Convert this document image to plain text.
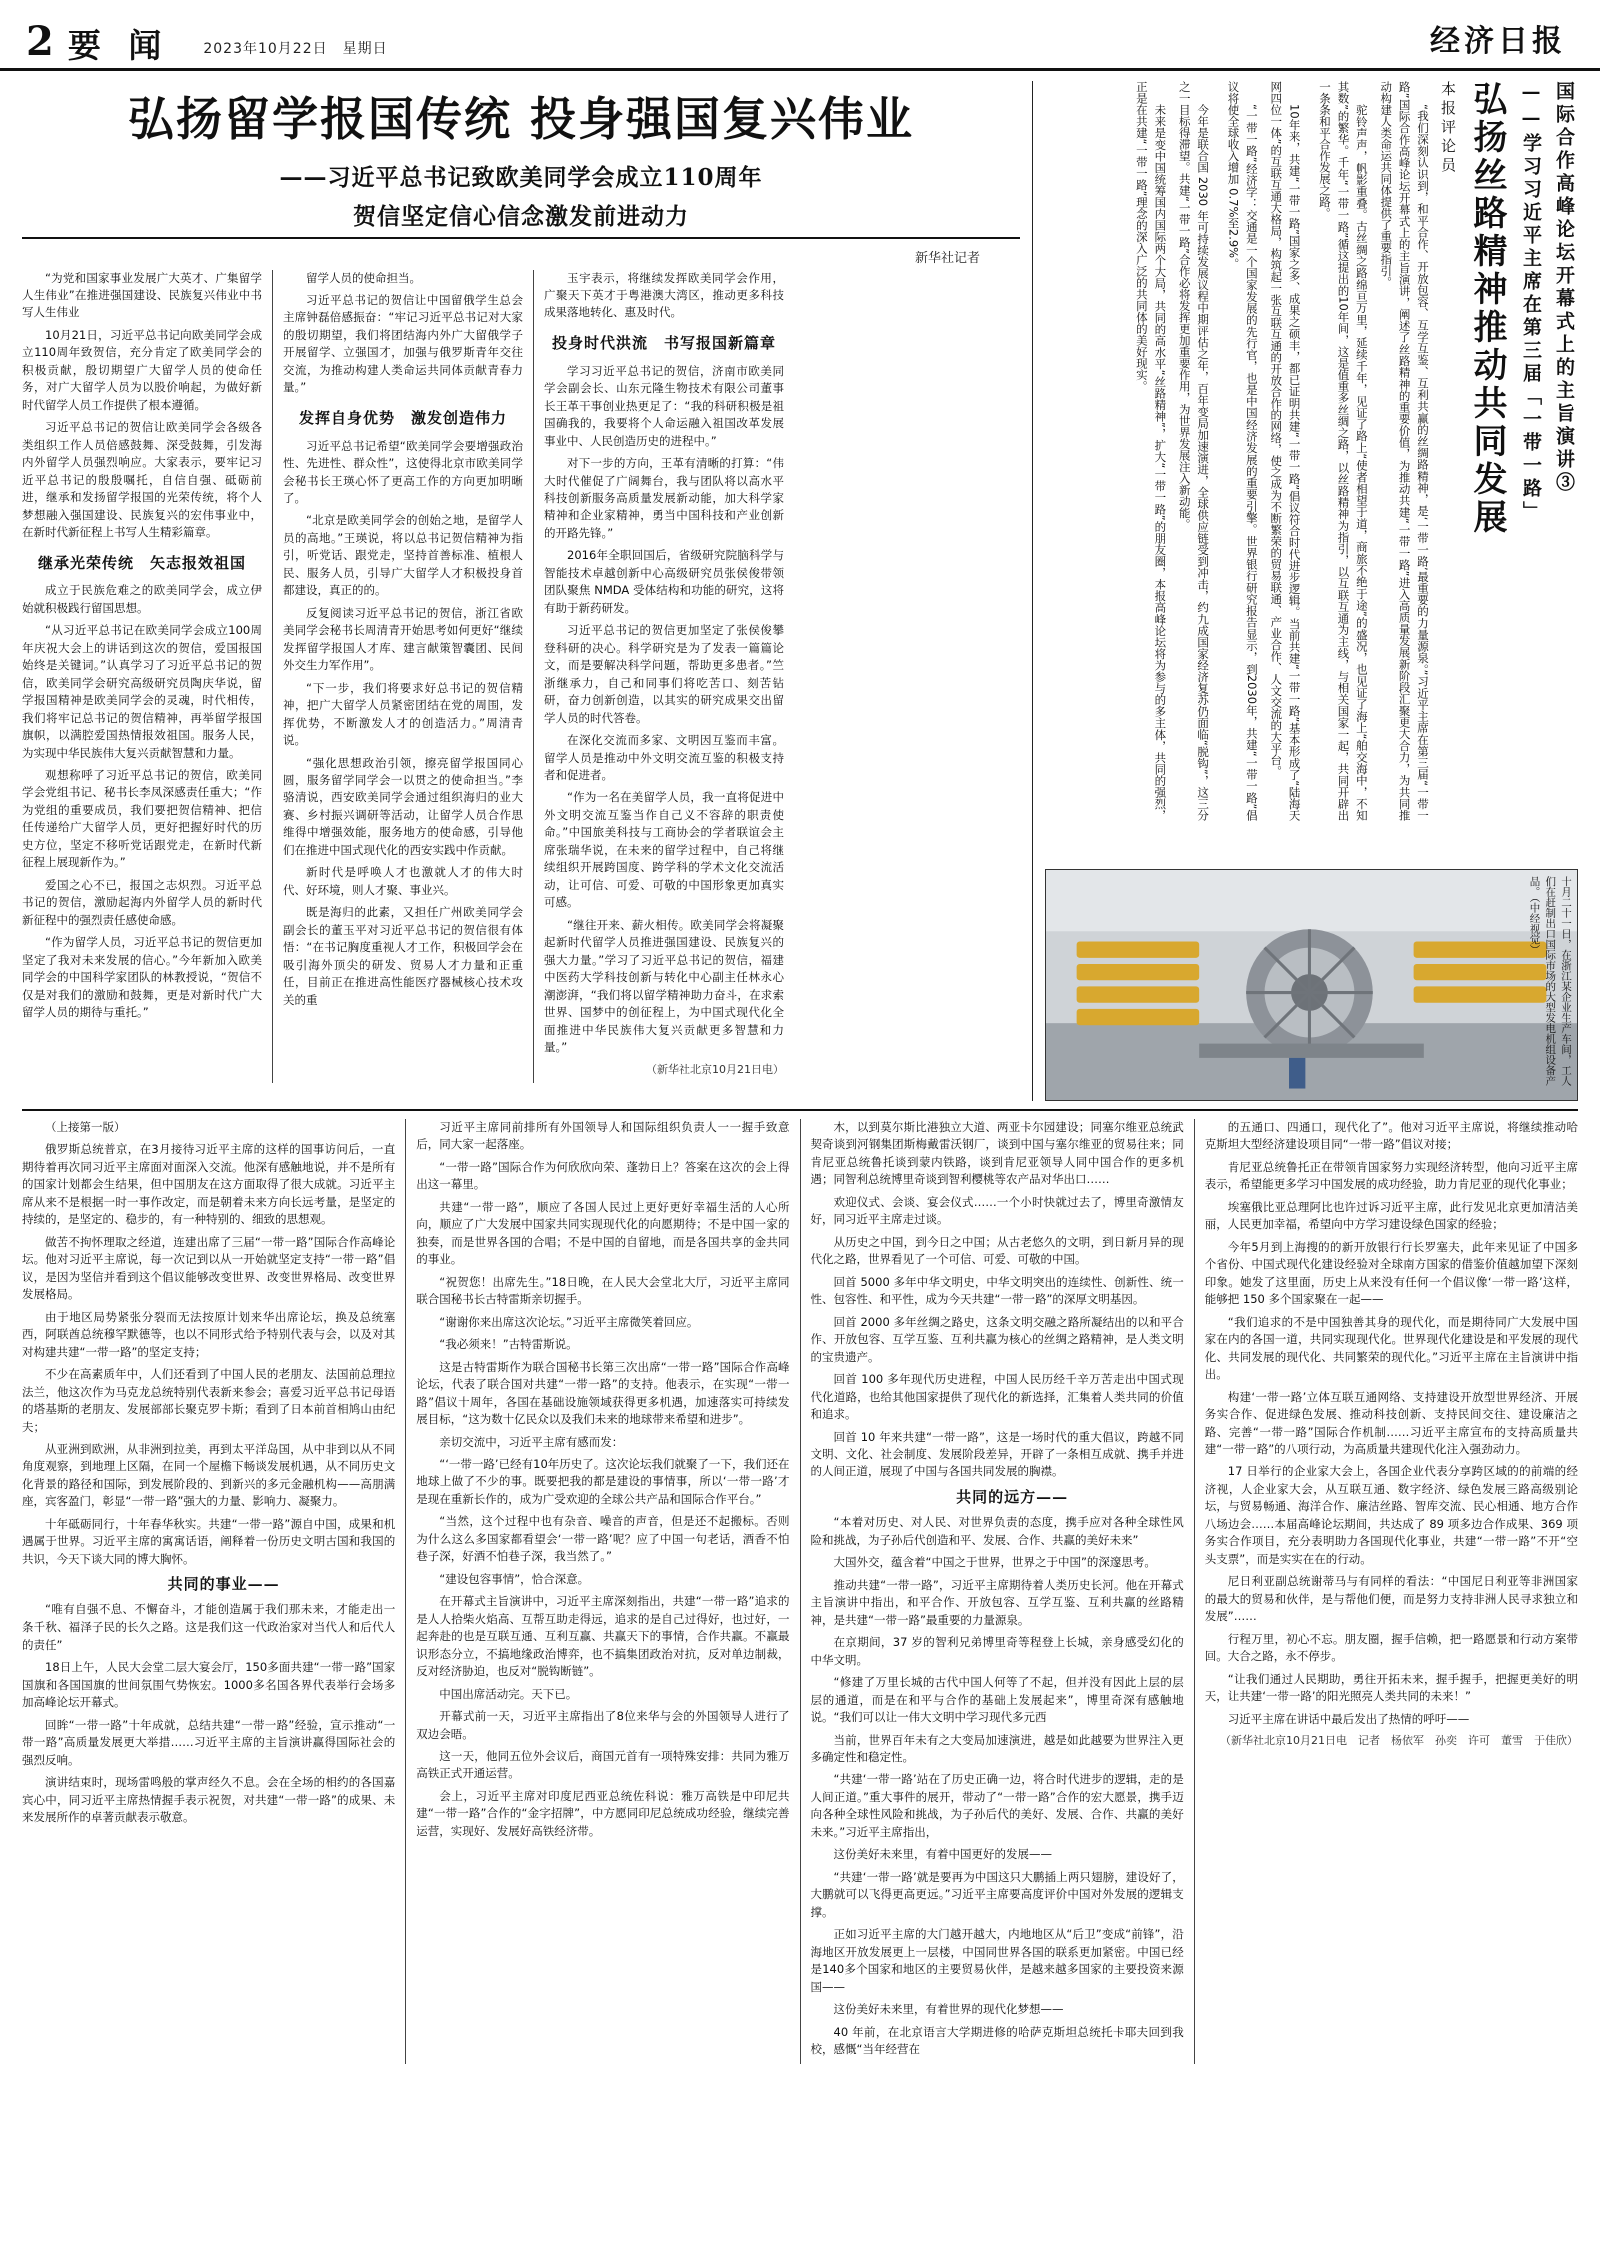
2 要 闻 2023年10月22日　星期日	经济日报
弘扬留学报国传统 投身强国复兴伟业
——习近平总书记致欧美同学会成立110周年
贺信坚定信心信念激发前进动力
新华社记者

“为党和国家事业发展广大英才、广集留学人生伟业”在推进强国建设、民族复兴伟业中书写人生伟业

10月21日，习近平总书记向欧美同学会成立110周年致贺信，充分肯定了欧美同学会的积极贡献，殷切期望广大留学人员的使命任务，对广大留学人员为以股价响起，为做好新时代留学人员工作提供了根本遵循。

习近平总书记的贺信让欧美同学会各级各类组织工作人员倍感鼓舞、深受鼓舞，引发海内外留学人员强烈响应。大家表示，要牢记习近平总书记的殷殷嘱托，自信自强、砥砺前进，继承和发扬留学报国的光荣传统，将个人梦想融入强国建设、民族复兴的宏伟事业中，在新时代新征程上书写人生精彩篇章。

继承光荣传统　矢志报效祖国

成立于民族危难之的欧美同学会，成立伊始就积极践行留国思想。

“从习近平总书记在欧美同学会成立100周年庆祝大会上的讲话到这次的贺信，爱国报国始终是关键词。”认真学习了习近平总书记的贺信，欧美同学会研究高级研究员陶庆华说，留学报国精神是欧美同学会的灵魂，时代相传，我们将牢记总书记的贺信精神，再举留学报国旗帜，以满腔爱国热情报效祖国。服务人民，为实现中华民族伟大复兴贡献智慧和力量。

观想称呼了习近平总书记的贺信，欧美同学会党组书记、秘书长李凤深感责任重大；“作为党组的重要成员，我们要把贺信精神、把信任传递给广大留学人员，更好把握好时代的历史方位，坚定不移听党话跟党走，在新时代新征程上展现新作为。”

爱国之心不已，报国之志炽烈。习近平总书记的贺信，激励起海内外留学人员的新时代新征程中的强烈责任感使命感。

“作为留学人员，习近平总书记的贺信更加坚定了我对未来发展的信心。”今年新加入欧美同学会的中国科学家团队的林教授说，“贺信不仅是对我们的激励和鼓舞，更是对新时代广大留学人员的期待与重托。”

留学人员的使命担当。

习近平总书记的贺信让中国留俄学生总会主席钟磊倍感振奋：“牢记习近平总书记对大家的殷切期望，我们将团结海内外广大留俄学子开展留学、立强国才，加强与俄罗斯青年交往交流，为推动构建人类命运共同体贡献青春力量。”

发挥自身优势　激发创造伟力

习近平总书记希望“欧美同学会要增强政治性、先进性、群众性”，这使得北京市欧美同学会秘书长王瑛心怀了更高工作的方向更加明晰了。

“北京是欧美同学会的创始之地，是留学人员的高地。”王瑛说，将以总书记贺信精神为指引，听党话、跟党走，坚持首善标准、植根人民、服务人员，引导广大留学人才积极投身首都建设，真正的的。

反复阅读习近平总书记的贺信，浙江省欧美同学会秘书长周清青开始思考如何更好“继续发挥留学报国人才库、建言献策智囊团、民间外交生力军作用”。

“下一步，我们将要求好总书记的贺信精神，把广大留学人员紧密团结在党的周围，发挥优势，不断激发人才的创造活力。”周清青说。

“强化思想政治引领，擦亮留学报国同心圆，服务留学同学会一以贯之的使命担当。”李骆清说，西安欧美同学会通过组织海归的业大赛、乡村振兴调研等活动，让留学人员合作思维得中增强效能，服务地方的使命感，引导他们在推进中国式现代化的西安实践中作贡献。

新时代是呼唤人才也激就人才的伟大时代、好环境，则人才聚、事业兴。

既是海归的此素，又担任广州欧美同学会副会长的董玉平对习近平总书记的贺信很有体悟：“在书记胸度重视人才工作，积极回学会在吸引海外顶尖的研发、贸易人才力量和正重任，目前正在推进高性能医疗器械核心技术攻关的重

玉宇表示，将继续发挥欧美同学会作用，广聚天下英才于粤港澳大湾区，推动更多科技成果落地转化、惠及时代。

投身时代洪流　书写报国新篇章

学习习近平总书记的贺信，济南市欧美同学会副会长、山东元隆生物技术有限公司董事长王革干事创业热更足了：“我的科研积极是祖国确我的，我要将个人命运融入祖国改革发展事业中、人民创造历史的进程中。”

对下一步的方向，王革有清晰的打算：“伟大时代催促了广阔舞台，我与团队将以高水平科技创新服务高质量发展新动能，加大科学家精神和企业家精神，勇当中国科技和产业创新的开路先锋。”

2016年全职回国后，省级研究院脑科学与智能技术卓越创新中心高级研究员张侯俊带领团队聚焦 NMDA 受体结构和功能的研究，这将有助于新药研发。

习近平总书记的贺信更加坚定了张侯俊攀登科研的决心。科学研究是为了发表一篇篇论文，而是要解决科学问题，帮助更多患者。”竺浙继承力，自己和同事们将吃苦口、刻苦钻研，奋力创新创造，以其实的研究成果交出留学人员的时代答卷。

在深化交流而多家、文明因互鉴而丰富。留学人员是推动中外文明交流互鉴的积极支持者和促进者。

“作为一名在美留学人员，我一直将促进中外文明交流互鉴当作自己义不容辞的职责使命。”中国旅美科技与工商协会的学者联谊会主席张瑞华说，在未来的留学过程中，自己将继续组织开展跨国度、跨学科的学术文化交流活动，让可信、可爱、可敬的中国形象更加真实可感。

“继往开来、薪火相传。欧美同学会将凝聚起新时代留学人员推进强国建设、民族复兴的强大力量。”学习了习近平总书记的贺信，福建中医药大学科技创新与转化中心副主任林永心潮澎湃，“我们将以留学精神助力奋斗，在求索世界、国梦中的创征程上，为中国式现代化全面推进中华民族伟大复兴贡献更多智慧和力量。”

（新华社北京10月21日电）

国际合作高峰论坛开幕式上的主旨演讲③
——学习习近平主席在第三届「一带一路」
弘扬丝路精神推动共同发展
本报评论员

“我们深刻认识到，和平合作、开放包容、互学互鉴、互利共赢的丝绸路精神，是‘一带一路’最重要的力量源泉。”习近平主席在第三届“一带一路”国际合作高峰论坛开幕式上的主旨演讲，阐述了丝路精神的重要价值，为推动共建“一带一路”进入高质量发展新阶段汇聚更大合力，为共同推动构建人类命运共同体提供了重要指引。

驼铃声声，帆影重叠。古丝绸之路绵亘万里，延续千年，见证了路上“使者相望于道，商旅不绝于途”的盛况，也见证了海上“舶交海中，不知其数”的繁华。千年“一带一路”循这提出的10年间，这是值重多丝绸之路，以丝路精神为指引，以互联互通为主线，与相关国家一起，共同开辟出一条条和平合作发展之路。

10年来，共建“一带一路”国家之多、成果之硕丰，都已证明共建“一带一路”倡议符合时代进步逻辑。当前共建“一带一路”基本形成了“陆海天网四位一体”的互联互通大格局，构筑起一张互联互通的开放合作的网络，使之成为不断繁荣的贸易联通、产业合作、人文交流的大平台。

“一带一路”经济学：交通是一个国家发展的先行官，也是中国经济发展的重要引擎。世界银行研究报告显示，到2030年，共建“一带一路”倡议将使全球收入增加 0.7%至2.9%。

今年是联合国 2030 年可持续发展议程中期评估之年，百年变局加速演进，全球供应链受到冲击，约九成国家经济复苏仍面临“脱钩”，这三分之一目标得滞望。共建“一带一路”合作必将发挥更加重要作用，为世界发展注入新动能。

未来是变中国统筹国内国际两个大局，共同的高水平“丝路精神”，扩大“一带一路”的朋友圈，本报高峰论坛将为参与的多主体，共同的强烈，正是在共建“一带一路”理念的深入广泛的共同体的美好现实。

十月二十一日，在浙江某企业生产车间，工人们在赶制出口国际市场的大型发电机组设备产品。（中经视觉）

（上接第一版）

俄罗斯总统普京，在3月接待习近平主席的这样的国事访问后，一直期待着再次同习近平主席面对面深入交流。他深有感触地说，并不是所有的国家计划都会生结果，但中国朋友在这方面取得了很大成就。习近平主席从来不是根据一时一事作改定，而是朝着未来方向长远考量，是坚定的持续的，是坚定的、稳步的，有一种特别的、细致的思想观。

做苦不拘怀理取之经道，连建出席了三届“一带一路”国际合作高峰论坛。他对习近平主席说，每一次记到以从一开始就坚定支持“一带一路”倡议，是因为坚信并看到这个倡议能够改变世界、改变世界格局、改变世界发展格局。

由于地区局势紧张分裂而无法按原计划来华出席论坛，换及总统塞西，阿联酋总统穆罕默德等，也以不同形式给予特别代表与会，以及对其对构建共建“一带一路”的坚定支持；

不少在高素质年中，人们还看到了中国人民的老朋友、法国前总理拉法兰，他这次作为马克龙总统特别代表新来参会；喜爱习近平总书记母语的塔基斯的老朋友、发展部部长聚克罗卡斯；看到了日本前首相鸠山由纪夫；

从亚洲到欧洲，从非洲到拉美，再到太平洋岛国，从中非到以从不同角度观察，到地理上区隔，在同一个屋檐下畅谈发展机遇，从不同历史文化背景的路径和国际，到发展阶段的、到新兴的多元金融机构——高朋满座，宾客盈门，彰显“一带一路”强大的力量、影响力、凝聚力。

十年砥砺同行，十年春华秋实。共建“一带一路”源自中国，成果和机遇属于世界。习近平主席的寓寓话语，阐释着一份历史文明古国和我国的共识，今天下谈大同的博大胸怀。

共同的事业——

“唯有自强不息、不懈奋斗，才能创造属于我们那未来，才能走出一条千秋、福泽子民的长久之路。这是我们这一代政治家对当代人和后代人的责任”

18日上午，人民大会堂二层大宴会厅，150多面共建“一带一路”国家国旗和各国国旗的世间氛围气势恢宏。1000多名国各界代表举行会场多加高峰论坛开幕式。

回眸“一带一路”十年成就，总结共建“一带一路”经验，宣示推动“一带一路”高质量发展更大举措……习近平主席的主旨演讲赢得国际社会的强烈反响。

演讲结束时，现场雷鸣般的掌声经久不息。会在全场的相约的各国嘉宾心中，同习近平主席热情握手表示祝贺，对共建“一带一路”的成果、未来发展所作的卓著贡献表示敬意。

习近平主席同前排所有外国领导人和国际组织负责人一一握手致意后，同大家一起落座。

“一带一路”国际合作为何欣欣向荣、蓬勃日上？答案在这次的会上得出这一幕里。

共建“一带一路”，顺应了各国人民过上更好更好幸福生活的人心所向，顺应了广大发展中国家共同实现现代化的向愿期待；不是中国一家的独奏，而是世界各国的合唱；不是中国的自留地，而是各国共享的金共同的事业。

“祝贺您！出席先生。”18日晚，在人民大会堂北大厅，习近平主席同联合国秘书长古特雷斯亲切握手。

“谢谢你来出席这次论坛。”习近平主席微笑着回应。

“我必须来！”古特雷斯说。

这是古特雷斯作为联合国秘书长第三次出席“一带一路”国际合作高峰论坛，代表了联合国对共建“一带一路”的支持。他表示，在实现“一带一路”倡议十周年，各国在基础设施领域获得更多机遇，加速落实可持续发展目标，“这为数十亿民众以及我们未来的地球带来希望和进步”。

亲切交流中，习近平主席有感而发：

“‘一带一路’已经有10年历史了。这次论坛我们就聚了一下，我们还在地球上做了不少的事。既要把我的都是建设的事情事，所以‘一带一路’才是现在重新长作的，成为广受欢迎的全球公共产品和国际合作平台。”

“当然，这个过程中也有杂音、噪音的声音，但是还不起搬标。否则为什么这么多国家都看望会‘一带一路’呢？应了中国一句老话，酒香不怕巷子深，好酒不怕巷子深，我当然了。”

“建设包容事情”，恰合深意。

在开幕式主旨演讲中，习近平主席深刻指出，共建“一带一路”追求的是人人拾柴火焰高、互帮互助走得远，追求的是自己过得好，也过好，一起奔赴的也是互联互通、互利互赢、共赢天下的事情，合作共赢。不赢最识形态分立，不搞地缘政治博弈，也不搞集团政治对抗，反对单边制裁，反对经济胁迫，也反对“脱钩断链”。

中国出席活动完。天下已。

开幕式前一天，习近平主席指出了8位来华与会的外国领导人进行了双边会晤。

这一天，他同五位外会议后，商国元首有一项特殊安排：共同为雅万高铁正式开通运营。

会上，习近平主席对印度尼西亚总统佐科说：雅万高铁是中印尼共建“一带一路”合作的“金字招牌”，中方愿同印尼总统成功经验，继续完善运营，实现好、发展好高铁经济带。

木，以到莫尔斯比港独立大道、两亚卡尔园建设；同塞尔维亚总统武契奇谈到河钢集团斯梅戴雷沃钢厂，谈到中国与塞尔维亚的贸易往来；同肯尼亚总统鲁托谈到蒙内铁路，谈到肯尼亚领导人同中国合作的更多机遇；同智利总统博里奇谈到智利樱桃等农产品对华出口……

欢迎仪式、会谈、宴会仪式……一个小时快就过去了，博里奇激情友好，同习近平主席走过谈。

从历史之中国，到今日之中国；从古老悠久的文明，到日新月异的现代化之路，世界看见了一个可信、可爱、可敬的中国。

回首 5000 多年中华文明史，中华文明突出的连续性、创新性、统一性、包容性、和平性，成为今天共建“一带一路”的深厚文明基因。

回首 2000 多年丝绸之路史，这条文明交融之路所凝结出的以和平合作、开放包容、互学互鉴、互利共赢为核心的丝绸之路精神，是人类文明的宝贵遗产。

回首 100 多年现代历史进程，中国人民历经千辛万苦走出中国式现代化道路，也给其他国家提供了现代化的新选择，汇集着人类共同的价值和追求。

回首 10 年来共建“一带一路”，这是一场时代的重大倡议，跨越不同文明、文化、社会制度、发展阶段差异，开辟了一条相互成就、携手并进的人间正道，展现了中国与各国共同发展的胸襟。

共同的远方——

“本着对历史、对人民、对世界负责的态度，携手应对各种全球性风险和挑战，为子孙后代创造和平、发展、合作、共赢的美好未来”

大国外交，蕴含着“中国之于世界，世界之于中国”的深邃思考。

推动共建“一带一路”，习近平主席期待着人类历史长河。他在开幕式主旨演讲中指出，和平合作、开放包容、互学互鉴、互利共赢的丝路精神，是共建“一带一路”最重要的力量源泉。

在京期间，37 岁的智利兄弟博里奇等程登上长城，亲身感受幻化的中华文明。

“修建了万里长城的古代中国人何等了不起，但并没有因此上层的层层的通道，而是在和平与合作的基础上发展起来”，博里奇深有感触地说。“我们可以让一伟大文明中学习现代多元西

当前，世界百年未有之大变局加速演进，越是如此越要为世界注入更多确定性和稳定性。

“共建‘一带一路’站在了历史正确一边，将合时代进步的逻辑，走的是人间正道。”重大事件的展开，带动了“一带一路”合作的宏大愿景，携手迈向各种全球性风险和挑战，为子孙后代的美好、发展、合作、共赢的美好未来。”习近平主席指出，

这份美好未来里，有着中国更好的发展——

“共建‘一带一路’就是要再为中国这只大鹏插上两只翅膀，建设好了，大鹏就可以飞得更高更远。”习近平主席要高度评价中国对外发展的逻辑支撑。

正如习近平主席的大门越开越大，内地地区从“后卫”变成“前锋”，沿海地区开放发展更上一层楼，中国同世界各国的联系更加紧密。中国已经是140多个国家和地区的主要贸易伙伴，是越来越多国家的主要投资来源国——

这份美好未来里，有着世界的现代化梦想——

40 年前，在北京语言大学期进修的哈萨克斯坦总统托卡耶夫回到我校，感慨“当年经营在

的五通口、四通口，现代化了”。他对习近平主席说，将继续推动哈克斯坦大型经济建设项目同“一带一路”倡议对接；

肯尼亚总统鲁托正在带领肯国家努力实现经济转型，他向习近平主席表示，希望能更多学习中国发展的成功经验，助力肯尼亚的现代化事业；

埃塞俄比亚总理阿比也许过诉习近平主席，此行发见北京更加清洁美丽，人民更加幸福，希望向中方学习建设绿色国家的经验；

今年5月到上海搜的的新开放银行行长罗塞夫，此年来见证了中国多个省份、中国式现代化建设经验对全球南方国家的借鉴价值越加望下深刻印象。她发了这里面，历史上从来没有任何一个倡议像‘一带一路’这样，能够把 150 多个国家聚在一起——

“我们追求的不是中国独善其身的现代化，而是期待同广大发展中国家在内的各国一道，共同实现现代化。世界现代化建设是和平发展的现代化、共同发展的现代化、共同繁荣的现代化。”习近平主席在主旨演讲中指出。

构建‘一带一路’立体互联互通网络、支持建设开放型世界经济、开展务实合作、促进绿色发展、推动科技创新、支持民间交往、建设廉洁之路、完善“一带一路”国际合作机制……习近平主席宣布的支持高质量共建“一带一路”的八项行动，为高质量共建现代化注入强劲动力。

17 日举行的企业家大会上，各国企业代表分享跨区域的的前端的经济视，人企业家大会，从互联互通、数字经济、绿色发展三路高级别论坛，与贸易畅通、海洋合作、廉洁丝路、智库交流、民心相通、地方合作八场边会……本届高峰论坛期间，共达成了 89 项多边合作成果、369 项务实合作项目，充分表明助力各国现代化事业，共建“一带一路”不开“空头支票”，而是实实在在的行动。

尼日利亚副总统谢蒂马与有同样的看法：“中国尼日利亚等非洲国家的最大的贸易和伙伴，是与帮他们便，而是努力支持非洲人民寻求独立和发展”……

行程万里，初心不忘。朋友圈，握手信赖，把一路愿景和行动方案带回。大合之路，永不停步。

“让我们通过人民期助，勇往开拓未来，握手握手，把握更美好的明天，让共建‘一带一路’的阳光照亮人类共同的未来！”

习近平主席在讲话中最后发出了热情的呼吁——

（新华社北京10月21日电　记者　杨依军　孙奕　许可　董雪　于佳欣）
